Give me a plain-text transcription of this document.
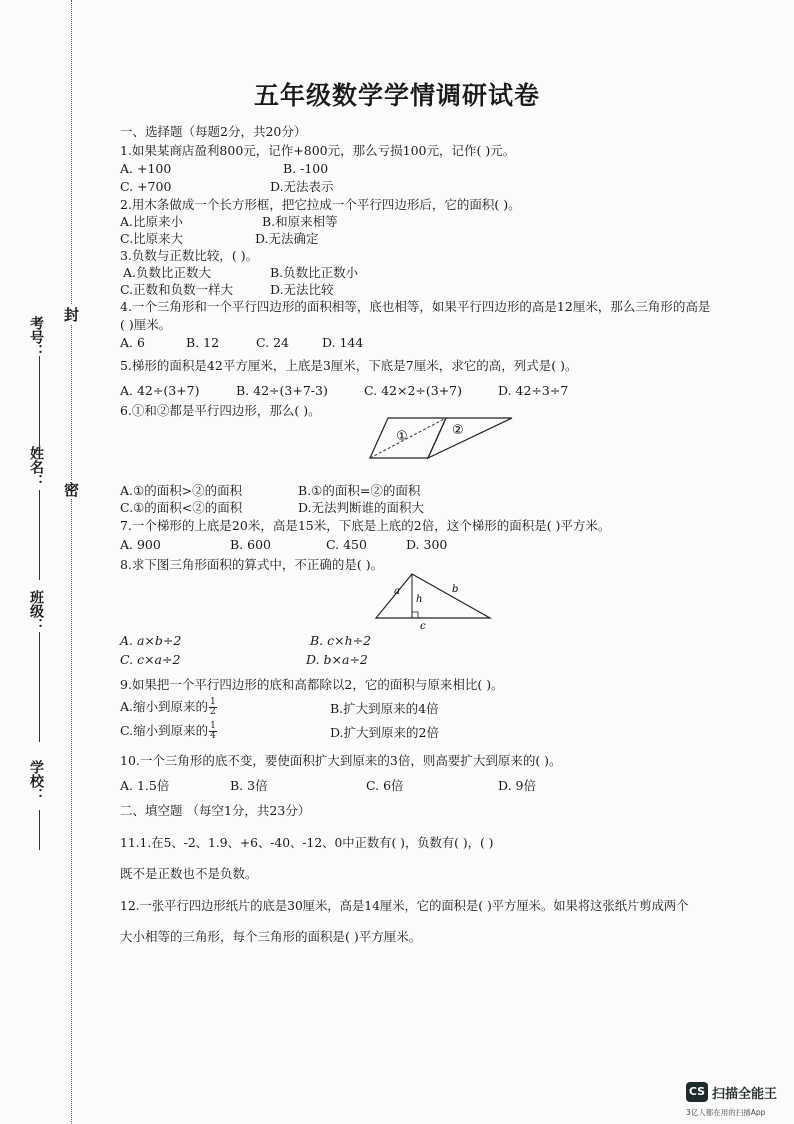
考号：
姓名：
班级：
学校：
封
密
五年级数学学情调研试卷
一、选择题（每题2分，共20分）
1.如果某商店盈利800元，记作+800元，那么亏损100元，记作( )元。
A. +100	B. -100
C. +700	D.无法表示
2.用木条做成一个长方形框，把它拉成一个平行四边形后，它的面积( )。
A.比原来小	B.和原来相等
C.比原来大	D.无法确定
3.负数与正数比较，( )。
A.负数比正数大	B.负数比正数小
C.正数和负数一样大	D.无法比较
4.一个三角形和一个平行四边形的面积相等，底也相等，如果平行四边形的高是12厘米，那么三角形的高是
( )厘米。
A. 6	B. 12	C. 24	D. 144
5.梯形的面积是42平方厘米，上底是3厘米，下底是7厘米，求它的高，列式是( )。
A. 42÷(3+7)	B. 42÷(3+7-3)	C. 42×2÷(3+7)	D. 42÷3÷7
6.①和②都是平行四边形，那么( )。
①	②
A.①的面积>②的面积	B.①的面积=②的面积
C.①的面积<②的面积	D.无法判断谁的面积大
7.一个梯形的上底是20米，高是15米，下底是上底的2倍，这个梯形的面积是( )平方米。
A. 900	B. 600	C. 450	D. 300
8.求下图三角形面积的算式中，不正确的是( )。
a	b
h
c
A. a×b÷2	B. c×h÷2
C. c×a÷2	D. b×a÷2
9.如果把一个平行四边形的底和高都除以2，它的面积与原来相比( )。
A.缩小到原来的 $\frac{1}{2}$	B.扩大到原来的4倍
C.缩小到原来的 $\frac{1}{4}$	D.扩大到原来的2倍
10.一个三角形的底不变，要使面积扩大到原来的3倍，则高要扩大到原来的( )。
A. 1.5倍	B. 3倍	C. 6倍	D. 9倍
二、填空题 （每空1分，共23分）
11.1.在5、-2、1.9、+6、-40、-12、0中正数有( )，负数有( )，( )
既不是正数也不是负数。
12.一张平行四边形纸片的底是30厘米，高是14厘米，它的面积是( )平方厘米。如果将这张纸片剪成两个
大小相等的三角形，每个三角形的面积是( )平方厘米。
CS 扫描全能王
3亿人都在用的扫描App
